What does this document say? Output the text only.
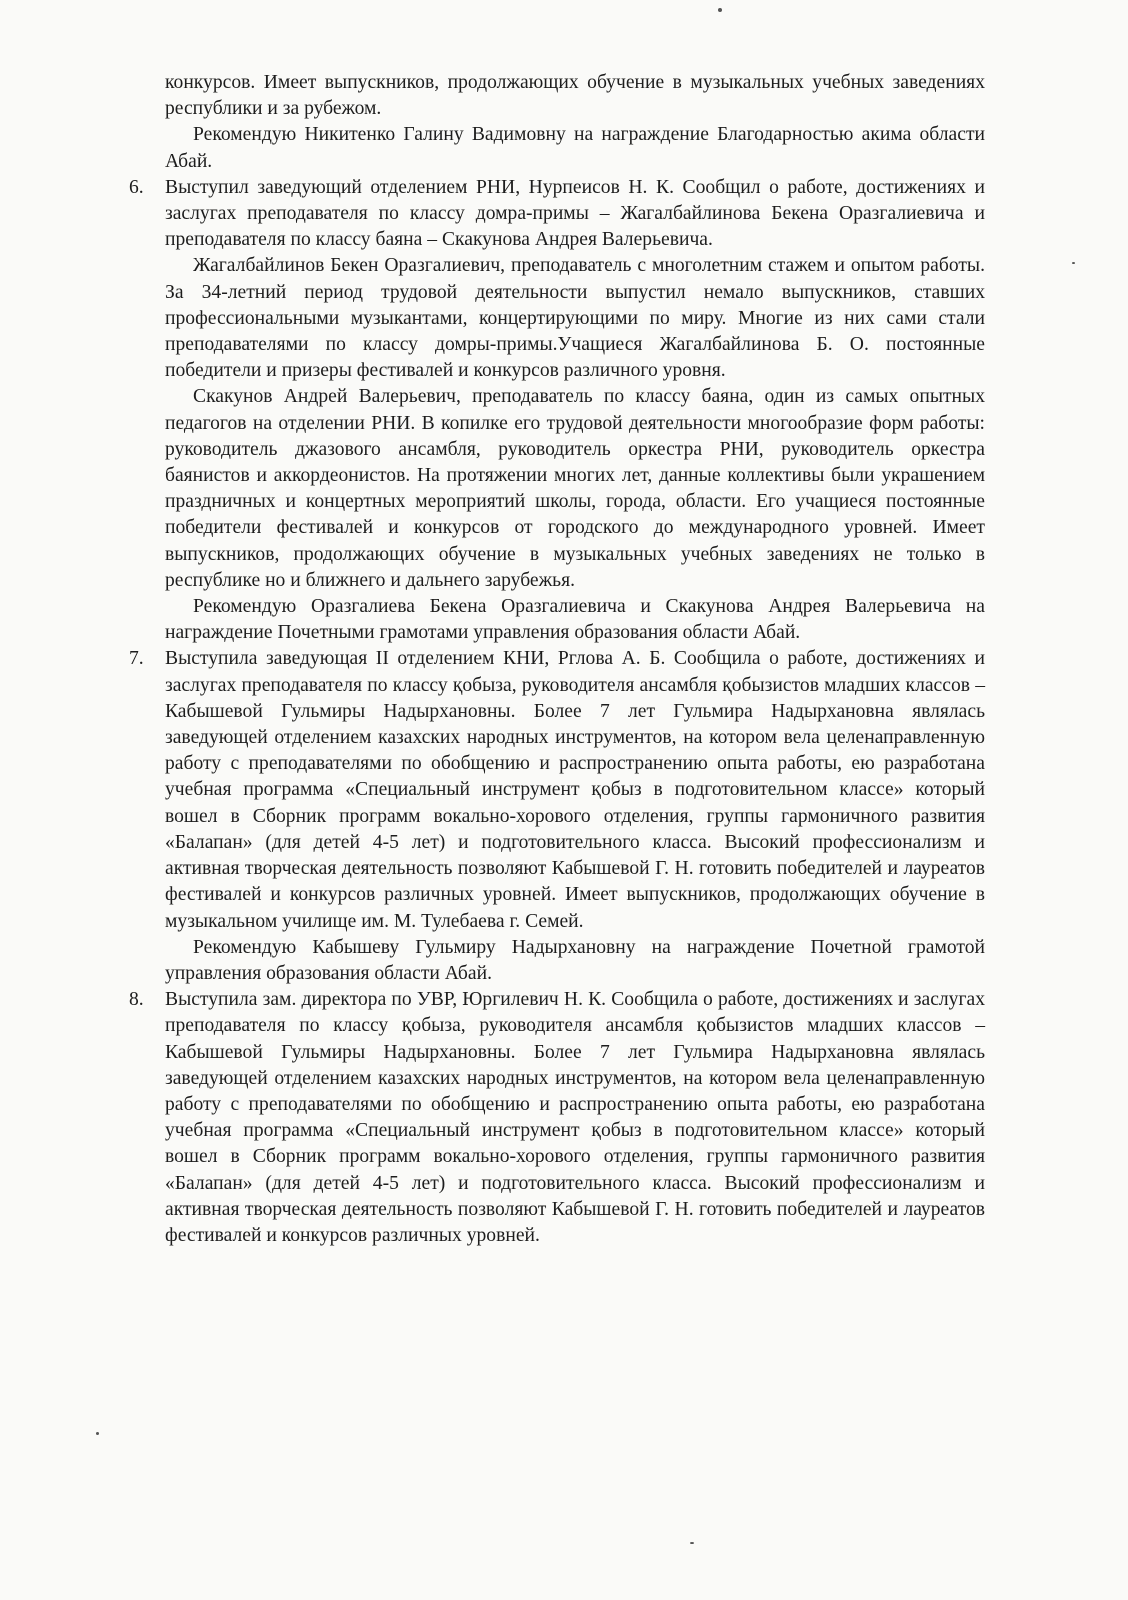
конкурсов. Имеет выпускников, продолжающих обучение в музыкальных учебных заведениях республики и за рубежом.

Рекомендую Никитенко Галину Вадимовну на награждение Благодарностью акима области Абай.

6. Выступил заведующий отделением РНИ, Нурпеисов Н. К. Сообщил о работе, достижениях и заслугах преподавателя по классу домра-примы – Жагалбайлинова Бекена Оразгалиевича и преподавателя по классу баяна – Скакунова Андрея Валерьевича.

Жагалбайлинов Бекен Оразгалиевич, преподаватель с многолетним стажем и опытом работы. За 34-летний период трудовой деятельности выпустил немало выпускников, ставших профессиональными музыкантами, концертирующими по миру. Многие из них сами стали преподавателями по классу домры-примы.Учащиеся Жагалбайлинова Б. О. постоянные победители и призеры фестивалей и конкурсов различного уровня.

Скакунов Андрей Валерьевич, преподаватель по классу баяна, один из самых опытных педагогов на отделении РНИ. В копилке его трудовой деятельности многообразие форм работы: руководитель джазового ансамбля, руководитель оркестра РНИ, руководитель оркестра баянистов и аккордеонистов. На протяжении многих лет, данные коллективы были украшением праздничных и концертных мероприятий школы, города, области. Его учащиеся постоянные победители фестивалей и конкурсов от городского до международного уровней. Имеет выпускников, продолжающих обучение в музыкальных учебных заведениях не только в республике но и ближнего и дальнего зарубежья.

Рекомендую Оразгалиева Бекена Оразгалиевича и Скакунова Андрея Валерьевича на награждение Почетными грамотами управления образования области Абай.

7. Выступила заведующая II отделением КНИ, Рглова А. Б. Сообщила о работе, достижениях и заслугах преподавателя по классу қобыза, руководителя ансамбля қобызистов младших классов – Кабышевой Гульмиры Надырхановны. Более 7 лет Гульмира Надырхановна являлась заведующей отделением казахских народных инструментов, на котором вела целенаправленную работу с преподавателями по обобщению и распространению опыта работы, ею разработана учебная программа «Специальный инструмент қобыз в подготовительном классе» который вошел в Сборник программ вокально-хорового отделения, группы гармоничного развития «Балапан» (для детей 4-5 лет) и подготовительного класса. Высокий профессионализм и активная творческая деятельность позволяют Кабышевой Г. Н. готовить победителей и лауреатов фестивалей и конкурсов различных уровней. Имеет выпускников, продолжающих обучение в музыкальном училище им. М. Тулебаева г. Семей.

Рекомендую Кабышеву Гульмиру Надырхановну на награждение Почетной грамотой управления образования области Абай.

8. Выступила зам. директора по УВР, Юргилевич Н. К. Сообщила о работе, достижениях и заслугах преподавателя по классу қобыза, руководителя ансамбля қобызистов младших классов – Кабышевой Гульмиры Надырхановны. Более 7 лет Гульмира Надырхановна являлась заведующей отделением казахских народных инструментов, на котором вела целенаправленную работу с преподавателями по обобщению и распространению опыта работы, ею разработана учебная программа «Специальный инструмент қобыз в подготовительном классе» который вошел в Сборник программ вокально-хорового отделения, группы гармоничного развития «Балапан» (для детей 4-5 лет) и подготовительного класса. Высокий профессионализм и активная творческая деятельность позволяют Кабышевой Г. Н. готовить победителей и лауреатов фестивалей и конкурсов различных уровней.
